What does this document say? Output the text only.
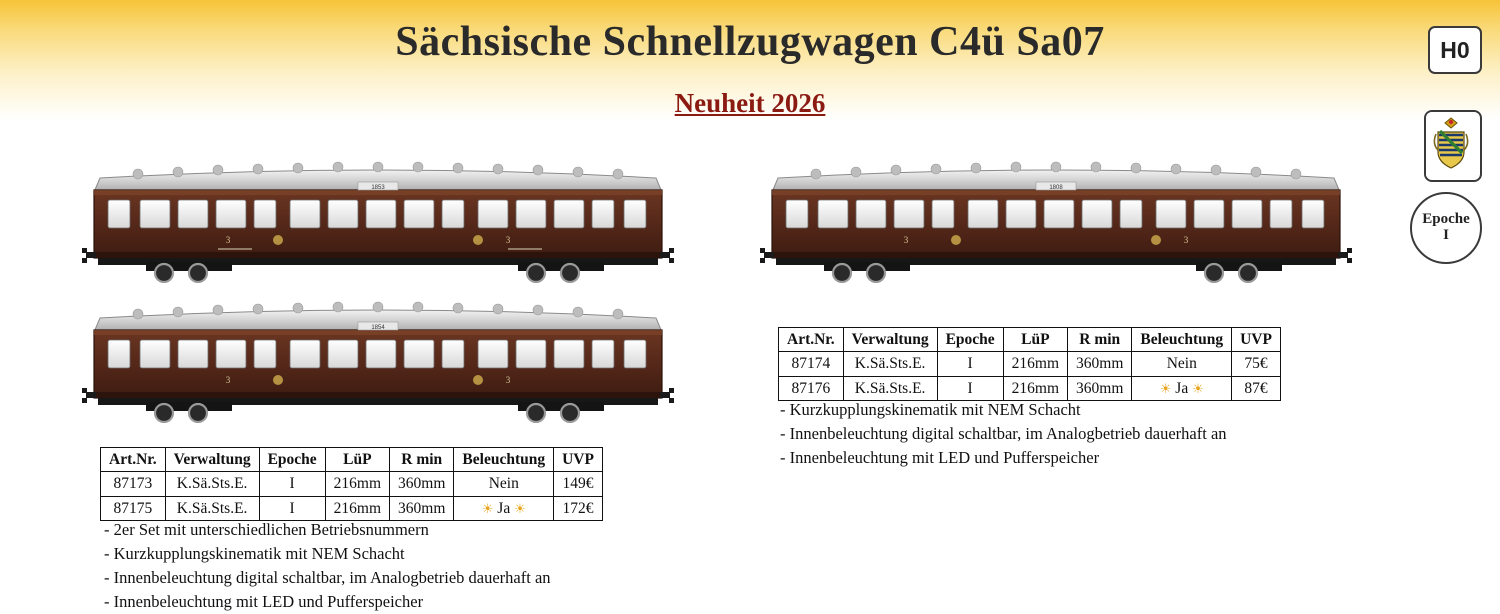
Sächsische Schnellzugwagen C4ü Sa07
Neuheit 2026
H0
Epoche
I
1853
3	3
1854
3	3
1808
3	3
Art.Nr.	Verwaltung	Epoche	LüP	R min	Beleuchtung	UVP
87173	K.Sä.Sts.E.	I	216mm	360mm	Nein	149€
87175	K.Sä.Sts.E.	I	216mm	360mm	☀ Ja ☀	172€
Art.Nr.	Verwaltung	Epoche	LüP	R min	Beleuchtung	UVP
87174	K.Sä.Sts.E.	I	216mm	360mm	Nein	75€
87176	K.Sä.Sts.E.	I	216mm	360mm	☀ Ja ☀	87€
- 2er Set mit unterschiedlichen Betriebsnummern
- Kurzkupplungskinematik mit NEM Schacht
- Innenbeleuchtung digital schaltbar, im Analogbetrieb dauerhaft an
- Innenbeleuchtung mit LED und Pufferspeicher
- Kurzkupplungskinematik mit NEM Schacht
- Innenbeleuchtung digital schaltbar, im Analogbetrieb dauerhaft an
- Innenbeleuchtung mit LED und Pufferspeicher
